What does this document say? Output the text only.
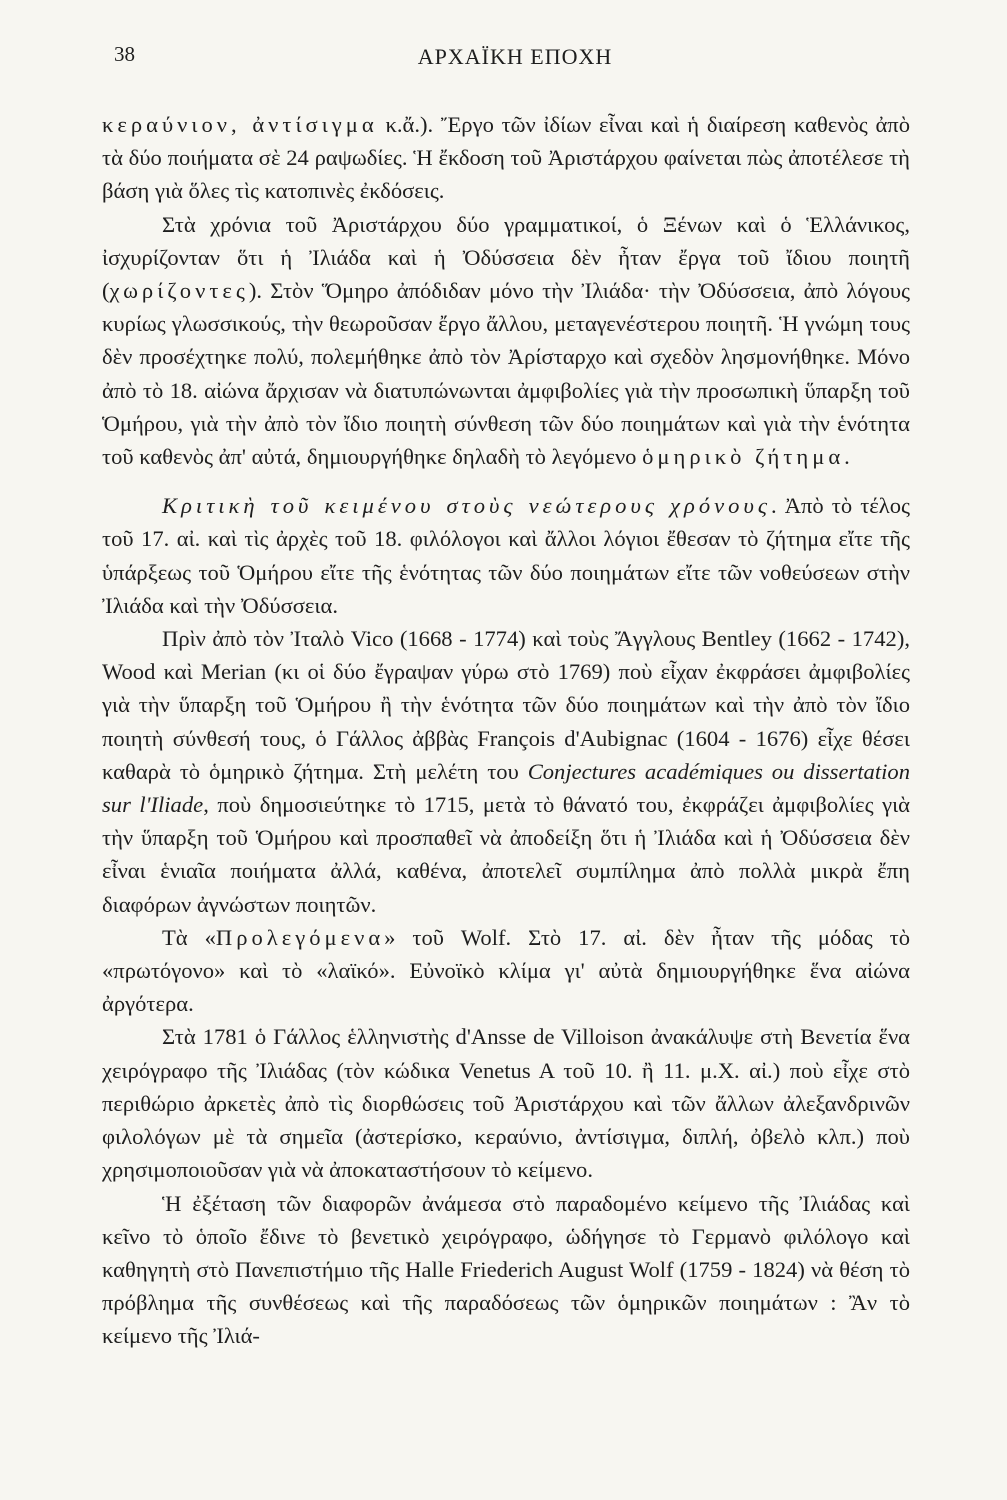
38	ΑΡΧΑΪΚΗ ΕΠΟΧΗ

κεραύνιον, ἀντίσιγμα κ.ἄ.). Ἔργο τῶν ἰδίων εἶναι καὶ ἡ διαίρεση καθενὸς ἀπὸ τὰ δύο ποιήματα σὲ 24 ραψωδίες. Ἡ ἔκδοση τοῦ Ἀριστάρχου φαίνεται πὼς ἀποτέλεσε τὴ βάση γιὰ ὅλες τὶς κατοπινὲς ἐκδόσεις.

Στὰ χρόνια τοῦ Ἀριστάρχου δύο γραμματικοί, ὁ Ξένων καὶ ὁ Ἑλλάνικος, ἰσχυρίζονταν ὅτι ἡ Ἰλιάδα καὶ ἡ Ὀδύσσεια δὲν ἦταν ἔργα τοῦ ἴδιου ποιητῆ (χωρίζοντες). Στὸν Ὅμηρο ἀπόδιδαν μόνο τὴν Ἰλιάδα· τὴν Ὀδύσσεια, ἀπὸ λόγους κυρίως γλωσσικούς, τὴν θεωροῦσαν ἔργο ἄλλου, μεταγενέστερου ποιητῆ. Ἡ γνώμη τους δὲν προσέχτηκε πολύ, πολεμήθηκε ἀπὸ τὸν Ἀρίσταρχο καὶ σχεδὸν λησμονήθηκε. Μόνο ἀπὸ τὸ 18. αἰώνα ἄρχισαν νὰ διατυπώνωνται ἀμφιβολίες γιὰ τὴν προσωπικὴ ὕπαρξη τοῦ Ὁμήρου, γιὰ τὴν ἀπὸ τὸν ἴδιο ποιητὴ σύνθεση τῶν δύο ποιημάτων καὶ γιὰ τὴν ἑνότητα τοῦ καθενὸς ἀπ' αὐτά, δημιουργήθηκε δηλαδὴ τὸ λεγόμενο ὁμηρικὸ ζήτημα.

Κριτικὴ τοῦ κειμένου στοὺς νεώτερους χρόνους. Ἀπὸ τὸ τέλος τοῦ 17. αἰ. καὶ τὶς ἀρχὲς τοῦ 18. φιλόλογοι καὶ ἄλλοι λόγιοι ἔθεσαν τὸ ζήτημα εἴτε τῆς ὑπάρξεως τοῦ Ὁμήρου εἴτε τῆς ἑνότητας τῶν δύο ποιημάτων εἴτε τῶν νοθεύσεων στὴν Ἰλιάδα καὶ τὴν Ὀδύσσεια.

Πρὶν ἀπὸ τὸν Ἰταλὸ Vico (1668 - 1774) καὶ τοὺς Ἄγγλους Bentley (1662 - 1742), Wood καὶ Merian (κι οἱ δύο ἔγραψαν γύρω στὸ 1769) ποὺ εἶχαν ἐκφράσει ἀμφιβολίες γιὰ τὴν ὕπαρξη τοῦ Ὁμήρου ἢ τὴν ἑνότητα τῶν δύο ποιημάτων καὶ τὴν ἀπὸ τὸν ἴδιο ποιητὴ σύνθεσή τους, ὁ Γάλλος ἀββὰς François d'Aubignac (1604 - 1676) εἶχε θέσει καθαρὰ τὸ ὁμηρικὸ ζήτημα. Στὴ μελέτη του Conjectures académiques ou dissertation sur l'Iliade, ποὺ δημοσιεύτηκε τὸ 1715, μετὰ τὸ θάνατό του, ἐκφράζει ἀμφιβολίες γιὰ τὴν ὕπαρξη τοῦ Ὁμήρου καὶ προσπαθεῖ νὰ ἀποδείξη ὅτι ἡ Ἰλιάδα καὶ ἡ Ὀδύσσεια δὲν εἶναι ἑνιαῖα ποιήματα ἀλλά, καθένα, ἀποτελεῖ συμπίλημα ἀπὸ πολλὰ μικρὰ ἔπη διαφόρων ἀγνώστων ποιητῶν.

Τὰ «Προλεγόμενα» τοῦ Wolf. Στὸ 17. αἰ. δὲν ἦταν τῆς μόδας τὸ «πρωτόγονο» καὶ τὸ «λαϊκό». Εὐνοϊκὸ κλίμα γι' αὐτὰ δημιουργήθηκε ἕνα αἰώνα ἀργότερα.

Στὰ 1781 ὁ Γάλλος ἑλληνιστὴς d'Ansse de Villoison ἀνακάλυψε στὴ Βενετία ἕνα χειρόγραφο τῆς Ἰλιάδας (τὸν κώδικα Venetus A τοῦ 10. ἢ 11. μ.Χ. αἰ.) ποὺ εἶχε στὸ περιθώριο ἀρκετὲς ἀπὸ τὶς διορθώσεις τοῦ Ἀριστάρχου καὶ τῶν ἄλλων ἀλεξανδρινῶν φιλολόγων μὲ τὰ σημεῖα (ἀστερίσκο, κεραύνιο, ἀντίσιγμα, διπλή, ὀβελὸ κλπ.) ποὺ χρησιμοποιοῦσαν γιὰ νὰ ἀποκαταστήσουν τὸ κείμενο.

Ἡ ἐξέταση τῶν διαφορῶν ἀνάμεσα στὸ παραδομένο κείμενο τῆς Ἰλιάδας καὶ κεῖνο τὸ ὁποῖο ἔδινε τὸ βενετικὸ χειρόγραφο, ὡδήγησε τὸ Γερμανὸ φιλόλογο καὶ καθηγητὴ στὸ Πανεπιστήμιο τῆς Halle Friederich August Wolf (1759 - 1824) νὰ θέση τὸ πρόβλημα τῆς συνθέσεως καὶ τῆς παραδόσεως τῶν ὁμηρικῶν ποιημάτων : Ἂν τὸ κείμενο τῆς Ἰλιά-
